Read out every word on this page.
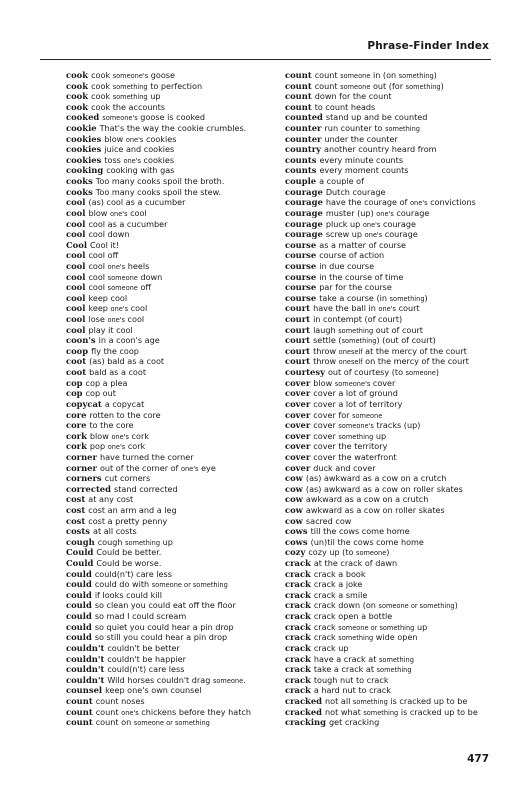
Phrase-Finder Index
cook cook someone's goose
cook cook something to perfection
cook cook something up
cook cook the accounts
cooked someone's goose is cooked
cookie That's the way the cookie crumbles.
cookies blow one's cookies
cookies juice and cookies
cookies toss one's cookies
cooking cooking with gas
cooks Too many cooks spoil the broth.
cooks Too many cooks spoil the stew.
cool (as) cool as a cucumber
cool blow one's cool
cool cool as a cucumber
cool cool down
Cool Cool it!
cool cool off
cool cool one's heels
cool cool someone down
cool cool someone off
cool keep cool
cool keep one's cool
cool lose one's cool
cool play it cool
coon's in a coon's age
coop fly the coop
coot (as) bald as a coot
coot bald as a coot
cop cop a plea
cop cop out
copycat a copycat
core rotten to the core
core to the core
cork blow one's cork
cork pop one's cork
corner have turned the corner
corner out of the corner of one's eye
corners cut corners
corrected stand corrected
cost at any cost
cost cost an arm and a leg
cost cost a pretty penny
costs at all costs
cough cough something up
Could Could be better.
Could Could be worse.
could could(n't) care less
could could do with someone or something
could if looks could kill
could so clean you could eat off the floor
could so mad I could scream
could so quiet you could hear a pin drop
could so still you could hear a pin drop
couldn't couldn't be better
couldn't couldn't be happier
couldn't could(n't) care less
couldn't Wild horses couldn't drag someone.
counsel keep one's own counsel
count count noses
count count one's chickens before they hatch
count count on someone or something
count count someone in (on something)
count count someone out (for something)
count down for the count
count to count heads
counted stand up and be counted
counter run counter to something
counter under the counter
country another country heard from
counts every minute counts
counts every moment counts
couple a couple of
courage Dutch courage
courage have the courage of one's convictions
courage muster (up) one's courage
courage pluck up one's courage
courage screw up one's courage
course as a matter of course
course course of action
course in due course
course in the course of time
course par for the course
course take a course (in something)
court have the ball in one's court
court in contempt (of court)
court laugh something out of court
court settle (something) (out of court)
court throw oneself at the mercy of the court
court throw oneself on the mercy of the court
courtesy out of courtesy (to someone)
cover blow someone's cover
cover cover a lot of ground
cover cover a lot of territory
cover cover for someone
cover cover someone's tracks (up)
cover cover something up
cover cover the territory
cover cover the waterfront
cover duck and cover
cow (as) awkward as a cow on a crutch
cow (as) awkward as a cow on roller skates
cow awkward as a cow on a crutch
cow awkward as a cow on roller skates
cow sacred cow
cows till the cows come home
cows (un)til the cows come home
cozy cozy up (to someone)
crack at the crack of dawn
crack crack a book
crack crack a joke
crack crack a smile
crack crack down (on someone or something)
crack crack open a bottle
crack crack someone or something up
crack crack something wide open
crack crack up
crack have a crack at something
crack take a crack at something
crack tough nut to crack
crack a hard nut to crack
cracked not all something is cracked up to be
cracked not what something is cracked up to be
cracking get cracking
477
